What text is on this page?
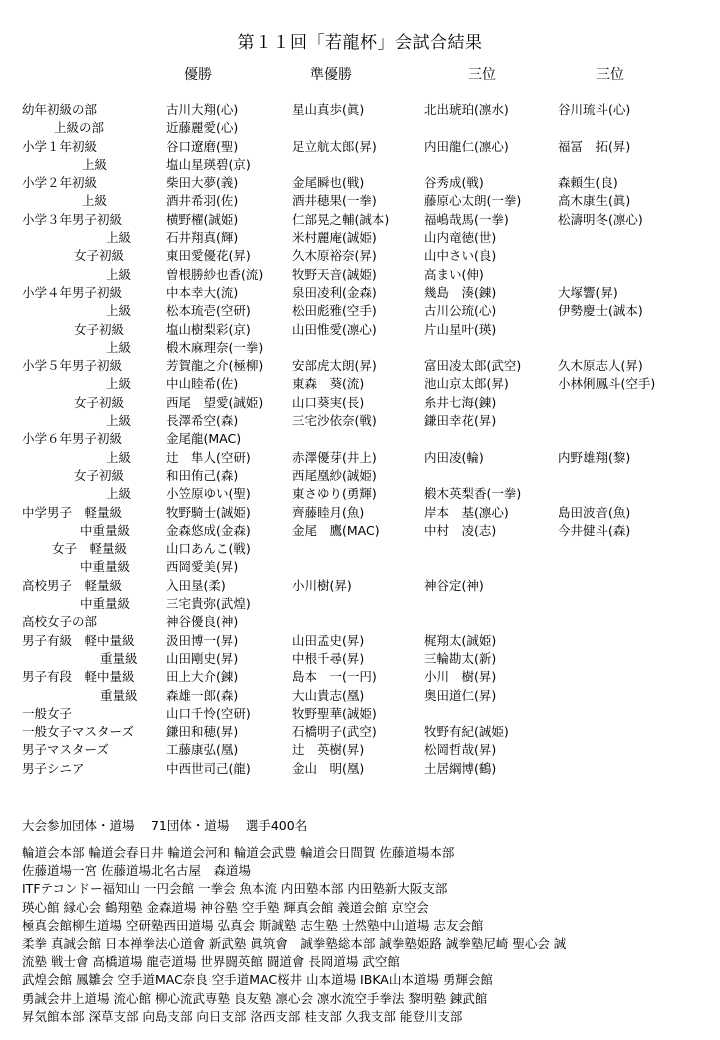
第１１回「若龍杯」会試合結果
優勝	準優勝	三位	三位
幼年初級の部	古川大翔(心)	星山真歩(眞)	北出琥珀(凛水)	谷川琉斗(心)
上級の部	近藤麗愛(心)
小学１年初級	谷口遼磨(聖)	足立航太郎(昇)	内田龍仁(凛心)	福冨　拓(昇)
上級	塩山星瑛碧(京)
小学２年初級	柴田大夢(義)	金尾瞬也(戦)	谷秀成(戦)	森頼生(良)
上級	酒井希羽(佐)	酒井穂果(一拳)	藤原心太朗(一拳)	高木康生(眞)
小学３年男子初級	横野櫂(誠姫)	仁部晃之輔(誠本)	福嶋哉馬(一拳)	松濤明冬(凛心)
上級	石井翔真(輝)	米村麗庵(誠姫)	山内竜徳(世)
女子初級	東田愛優花(昇)	久木原裕奈(昇)	山中さい(良)
上級	曽根勝紗也香(流) 牧野天音(誠姫)	高まい(伸)
小学４年男子初級	中本幸大(流)	泉田凌利(金森)	幾島　湊(錬)	大塚響(昇)
上級	松本琉壱(空研)	松田彪雅(空手)	古川公琉(心)	伊勢慶士(誠本)
女子初級	塩山樹梨彩(京)	山田惟愛(凛心)	片山星叶(瑛)
上級	椴木麻理奈(一拳)
小学５年男子初級	芳賀龍之介(極柳) 安部虎太朗(昇)	富田凌太郎(武空)	久木原志人(昇)
上級	中山睦希(佐)	東森　葵(流)	池山京太郎(昇)	小林俐鳳斗(空手)
女子初級	西尾　望愛(誠姫) 山口葵実(長)	糸井七海(錬)
上級	長澤希空(森)	三宅沙依奈(戦)	鎌田幸花(昇)
小学６年男子初級	金尾龍(MAC)
上級	辻　隼人(空研)	赤澤優芽(井上)	内田凌(輪)	内野雄翔(黎)
女子初級	和田侑己(森)	西尾凰紗(誠姫)
上級	小笠原ゆい(聖)	東さゆり(勇輝)	椴木英梨香(一拳)
中学男子　軽量級	牧野騎士(誠姫)	齊藤睦月(魚)	岸本　基(凛心)	島田波音(魚)
中重量級	金森悠成(金森)	金尾　鷹(MAC)	中村　凌(志)	今井健斗(森)
女子　軽量級	山口あんこ(戦)
中重量級	西岡愛美(昇)
高校男子　軽量級	入田垦(柔)	小川樹(昇)	神谷定(神)
中重量級	三宅貴弥(武煌)
高校女子の部	神谷優良(神)
男子有級　軽中量級	汲田博一(昇)	山田孟史(昇)	梶翔太(誠姫)
重量級 山田剛史(昇)	中根千尋(昇)	三輪勘太(新)
男子有段　軽中量級	田上大介(錬)	島本　一(一円)	小川　樹(昇)
重量級 森雄一郎(森)	大山貴志(凰)	奥田道仁(昇)
一般女子	山口千怜(空研)	牧野聖華(誠姫)
一般女子マスターズ	鎌田和穂(昇)	石橋明子(武空)	牧野有紀(誠姫)
男子マスターズ	工藤康弘(凰)	辻　英樹(昇)	松岡哲哉(昇)
男子シニア	中西世司己(龍)	金山　明(凰)	土居綱博(鶴)
大会参加団体・道場　 71団体・道場　 選手400名
輪道会本部 輪道会春日井 輪道会河和 輪道会武豊 輪道会日間賀 佐藤道場本部
佐藤道場一宮 佐藤道場北名古屋　森道場
ITFテコンドー福知山 一円会館 一拳会 魚本流 内田塾本部 内田塾新大阪支部
瑛心館 縁心会 鶴翔塾 金森道場 神谷塾 空手塾 輝真会館 義道会館 京空会
極真会館柳生道場 空研塾西田道場 弘真会 斯誠塾 志生塾 士然塾中山道場 志友会館
柔拳 真誠会館 日本禅拳法心道會 新武塾 眞筑會　誠拳塾総本部 誠拳塾姫路 誠拳塾尼崎 聖心会 誠
流塾 戦士會 高橋道場 龍壱道場 世界闘英館 闘道會 長岡道場 武空館
武煌会館 鳳雛会 空手道MAC奈良 空手道MAC桜井 山本道場 IBKA山本道場 勇輝会館
勇誠会井上道場 流心館 柳心流武専塾 良友塾 凛心会 凛水流空手拳法 黎明塾 錬武館
昇気館本部 深草支部 向島支部 向日支部 洛西支部 桂支部 久我支部 能登川支部
